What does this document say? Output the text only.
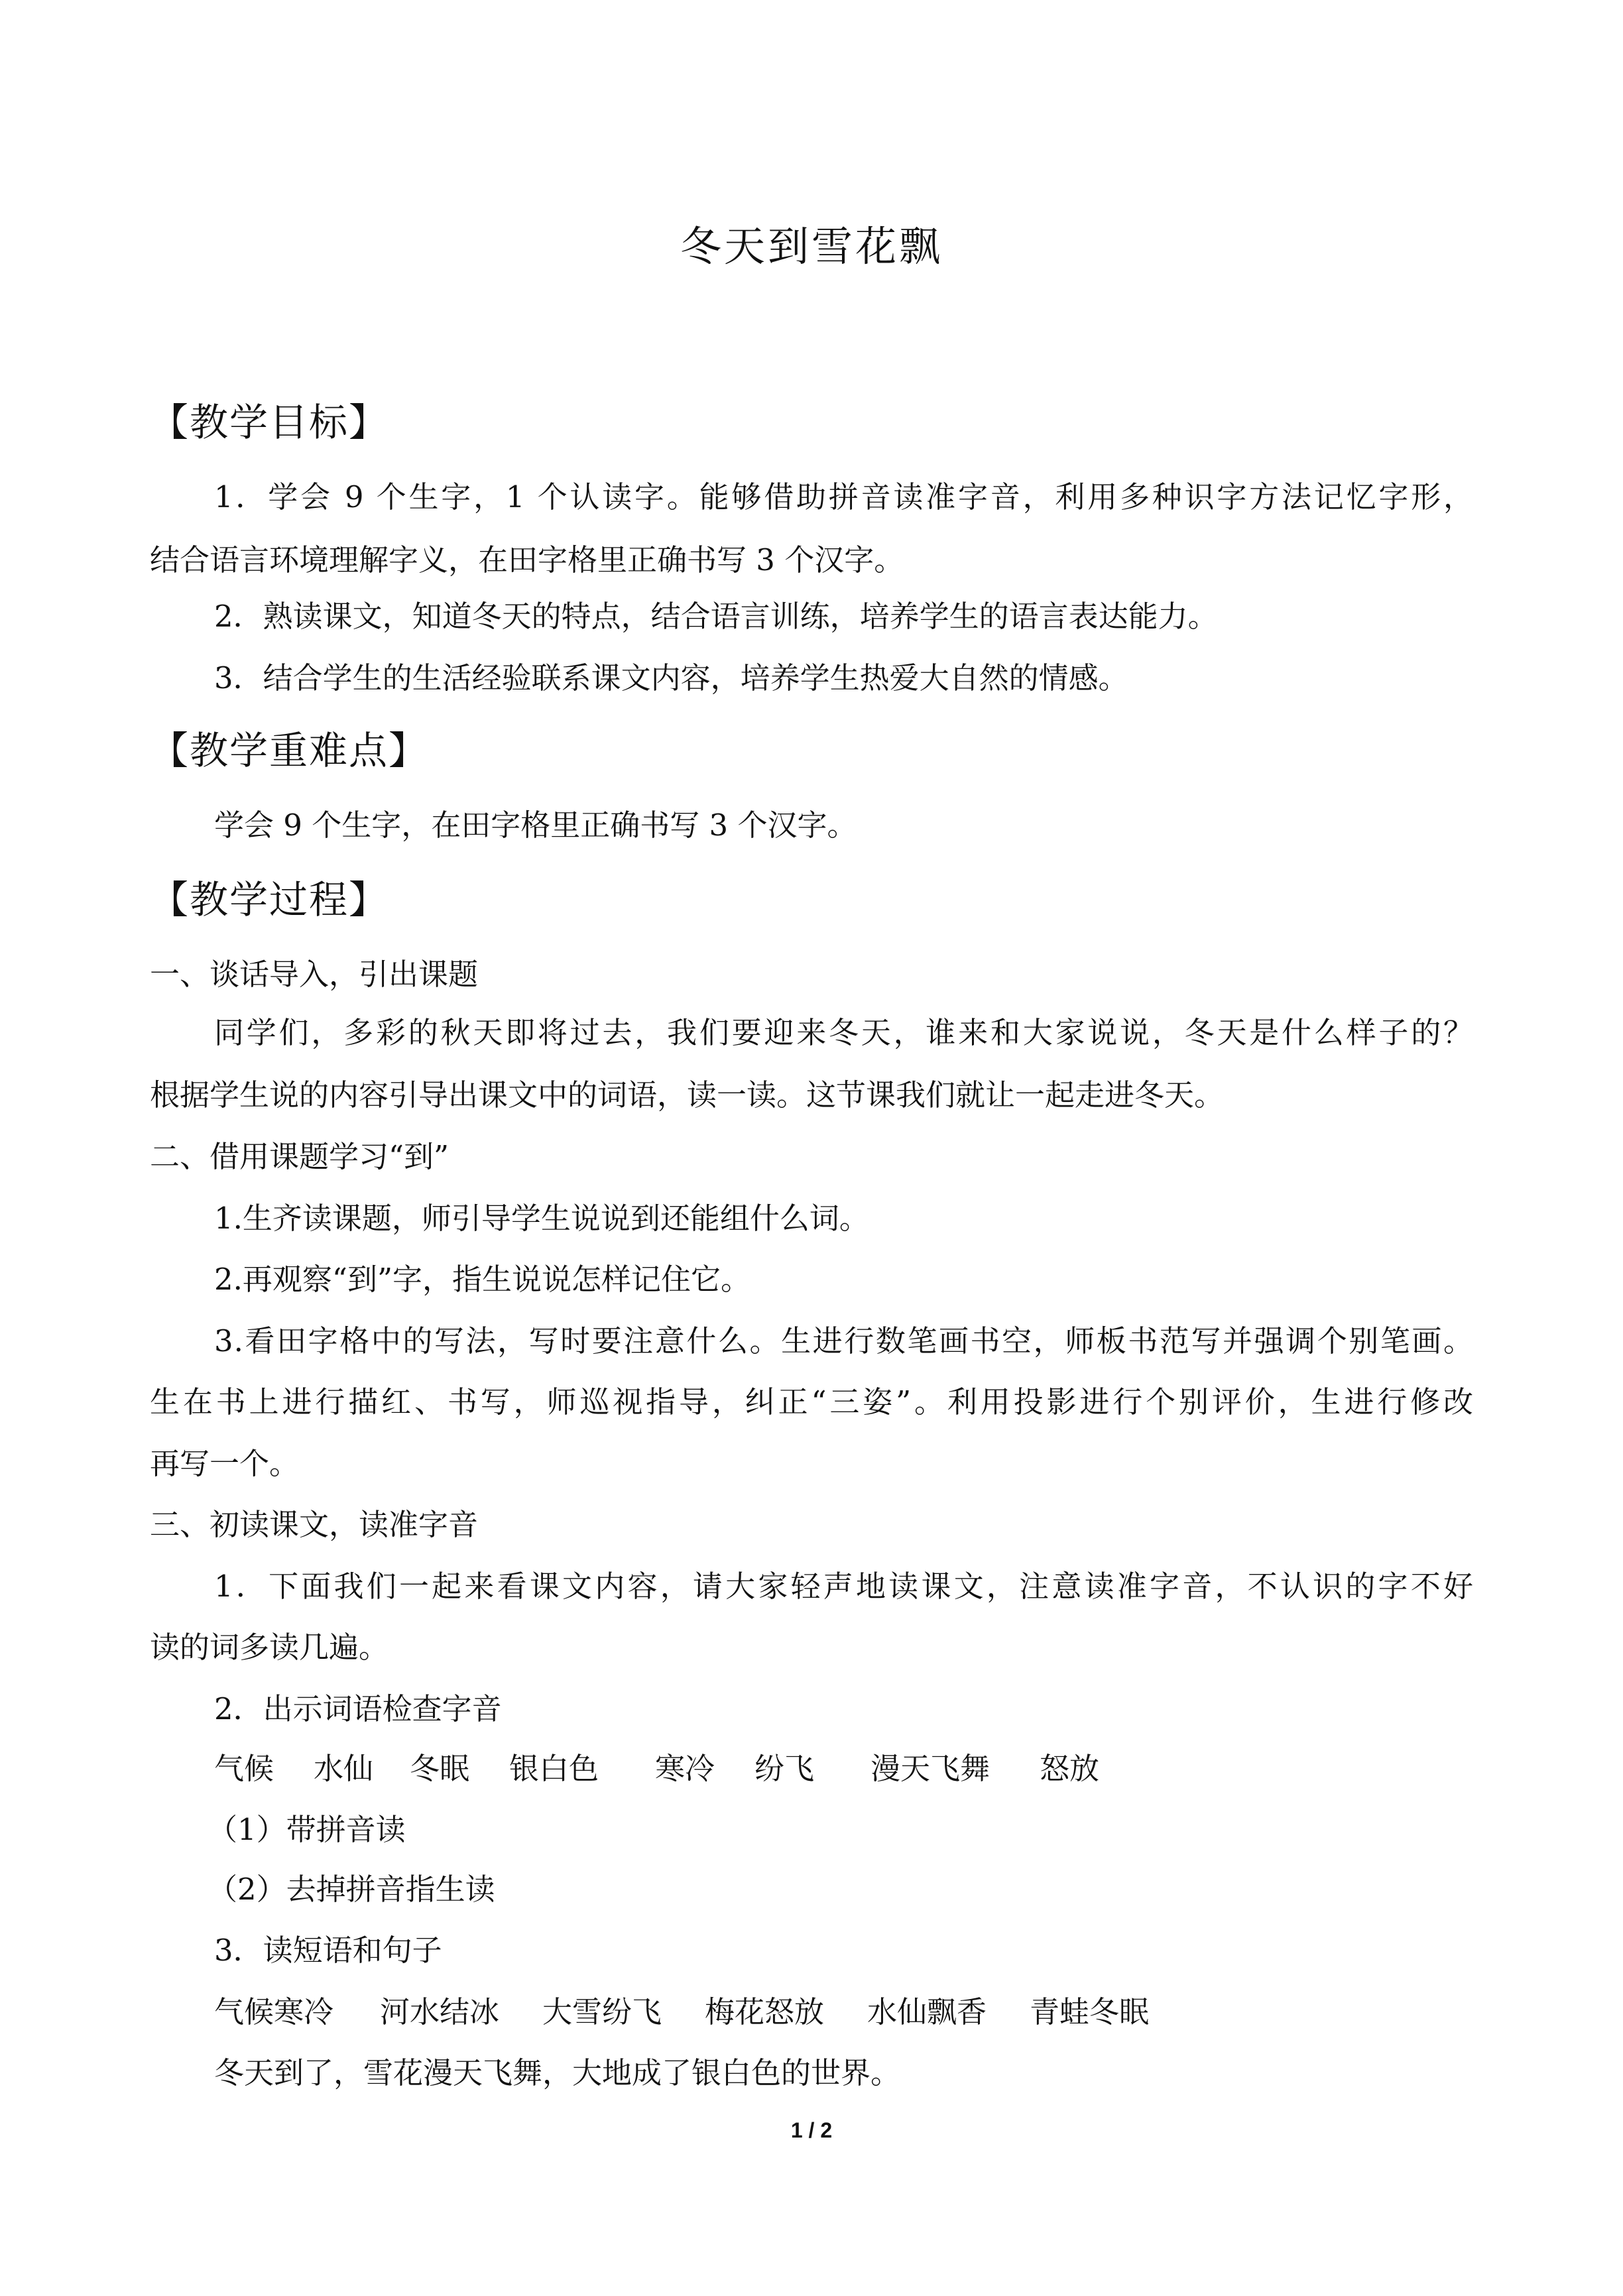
冬天到雪花飘
【教学目标】
1．学会 9 个生字，1 个认读字。能够借助拼音读准字音，利用多种识字方法记忆字形，
结合语言环境理解字义，在田字格里正确书写 3 个汉字。
2．熟读课文，知道冬天的特点，结合语言训练，培养学生的语言表达能力。
3．结合学生的生活经验联系课文内容，培养学生热爱大自然的情感。
【教学重难点】
学会 9 个生字，在田字格里正确书写 3 个汉字。
【教学过程】
一、谈话导入，引出课题
同学们，多彩的秋天即将过去，我们要迎来冬天，谁来和大家说说，冬天是什么样子的？
根据学生说的内容引导出课文中的词语，读一读。这节课我们就让一起走进冬天。
二、借用课题学习“到”
1.生齐读课题，师引导学生说说到还能组什么词。
2.再观察“到”字，指生说说怎样记住它。
3.看田字格中的写法，写时要注意什么。生进行数笔画书空，师板书范写并强调个别笔画。
生在书上进行描红、书写，师巡视指导，纠正“三姿”。利用投影进行个别评价，生进行修改
再写一个。
三、初读课文，读准字音
1．下面我们一起来看课文内容，请大家轻声地读课文，注意读准字音，不认识的字不好
读的词多读几遍。
2．出示词语检查字音
气候 水仙 冬眠 银白色 寒冷 纷飞 漫天飞舞 怒放
（1）带拼音读
（2）去掉拼音指生读
3．读短语和句子
气候寒冷 河水结冰 大雪纷飞 梅花怒放 水仙飘香 青蛙冬眠
冬天到了，雪花漫天飞舞，大地成了银白色的世界。
1 / 2
